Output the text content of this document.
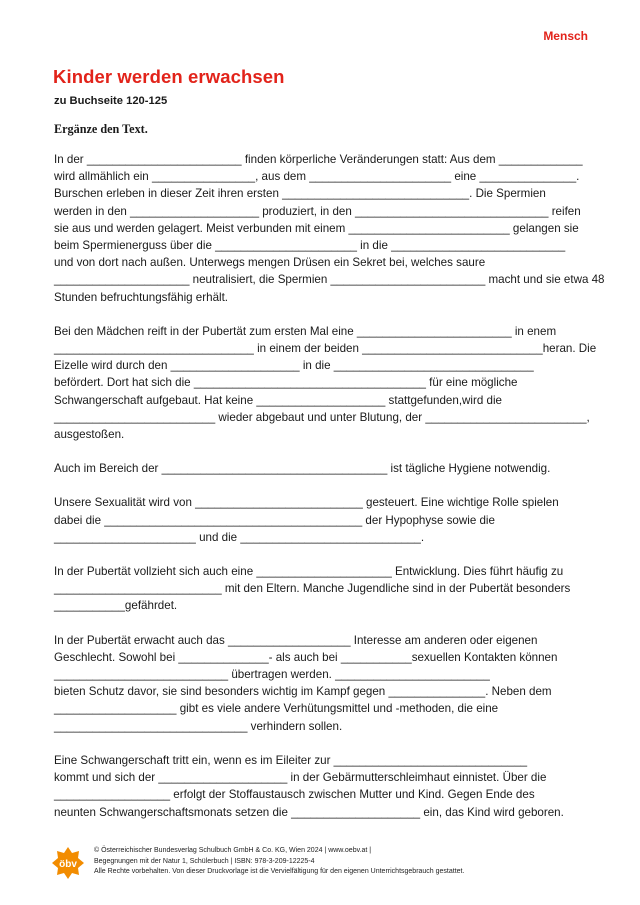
Mensch
Kinder werden erwachsen
zu Buchseite 120-125
Ergänze den Text.
In der ________________________ finden körperliche Veränderungen statt: Aus dem _____________
wird allmählich ein ________________, aus dem ______________________ eine _______________.
Burschen erleben in dieser Zeit ihren ersten _____________________________. Die Spermien
werden in den ____________________ produziert, in den ______________________________ reifen
sie aus und werden gelagert. Meist verbunden mit einem _________________________ gelangen sie
beim Spermienerguss über die ______________________ in die ___________________________
und von dort nach außen. Unterwegs mengen Drüsen ein Sekret bei, welches saure
_____________________ neutralisiert, die Spermien ________________________ macht und sie etwa 48
Stunden befruchtungsfähig erhält.
Bei den Mädchen reift in der Pubertät zum ersten Mal eine ________________________ in enem
_______________________________ in einem der beiden ____________________________heran. Die
Eizelle wird durch den ____________________ in die _______________________________
befördert. Dort hat sich die ____________________________________ für eine mögliche
Schwangerschaft aufgebaut. Hat keine ____________________ stattgefunden,wird die
_________________________ wieder abgebaut und unter Blutung, der _________________________,
ausgestoßen.
Auch im Bereich der ___________________________________ ist tägliche Hygiene notwendig.
Unsere Sexualität wird von __________________________ gesteuert. Eine wichtige Rolle spielen
dabei die ________________________________________ der Hypophyse sowie die
______________________ und die ____________________________.
In der Pubertät vollzieht sich auch eine _____________________ Entwicklung. Dies führt häufig zu
__________________________ mit den Eltern. Manche Jugendliche sind in der Pubertät besonders
___________gefährdet.
In der Pubertät erwacht auch das ___________________ Interesse am anderen oder eigenen
Geschlecht. Sowohl bei ______________- als auch bei ___________sexuellen Kontakten können
___________________________ übertragen werden. ________________________
bieten Schutz davor, sie sind besonders wichtig im Kampf gegen _______________. Neben dem
___________________ gibt es viele andere Verhütungsmittel und -methoden, die eine
______________________________ verhindern sollen.
Eine Schwangerschaft tritt ein, wenn es im Eileiter zur ______________________________
kommt und sich der ____________________ in der Gebärmutterschleimhaut einnistet. Über die
__________________ erfolgt der Stoffaustausch zwischen Mutter und Kind. Gegen Ende des
neunten Schwangerschaftsmonats setzen die ____________________ ein, das Kind wird geboren.
öbv
© Österreichischer Bundesverlag Schulbuch GmbH & Co. KG, Wien 2024 | www.oebv.at |
Begegnungen mit der Natur 1, Schülerbuch | ISBN: 978-3-209-12225-4
Alle Rechte vorbehalten. Von dieser Druckvorlage ist die Vervielfältigung für den eigenen Unterrichtsgebrauch gestattet.
